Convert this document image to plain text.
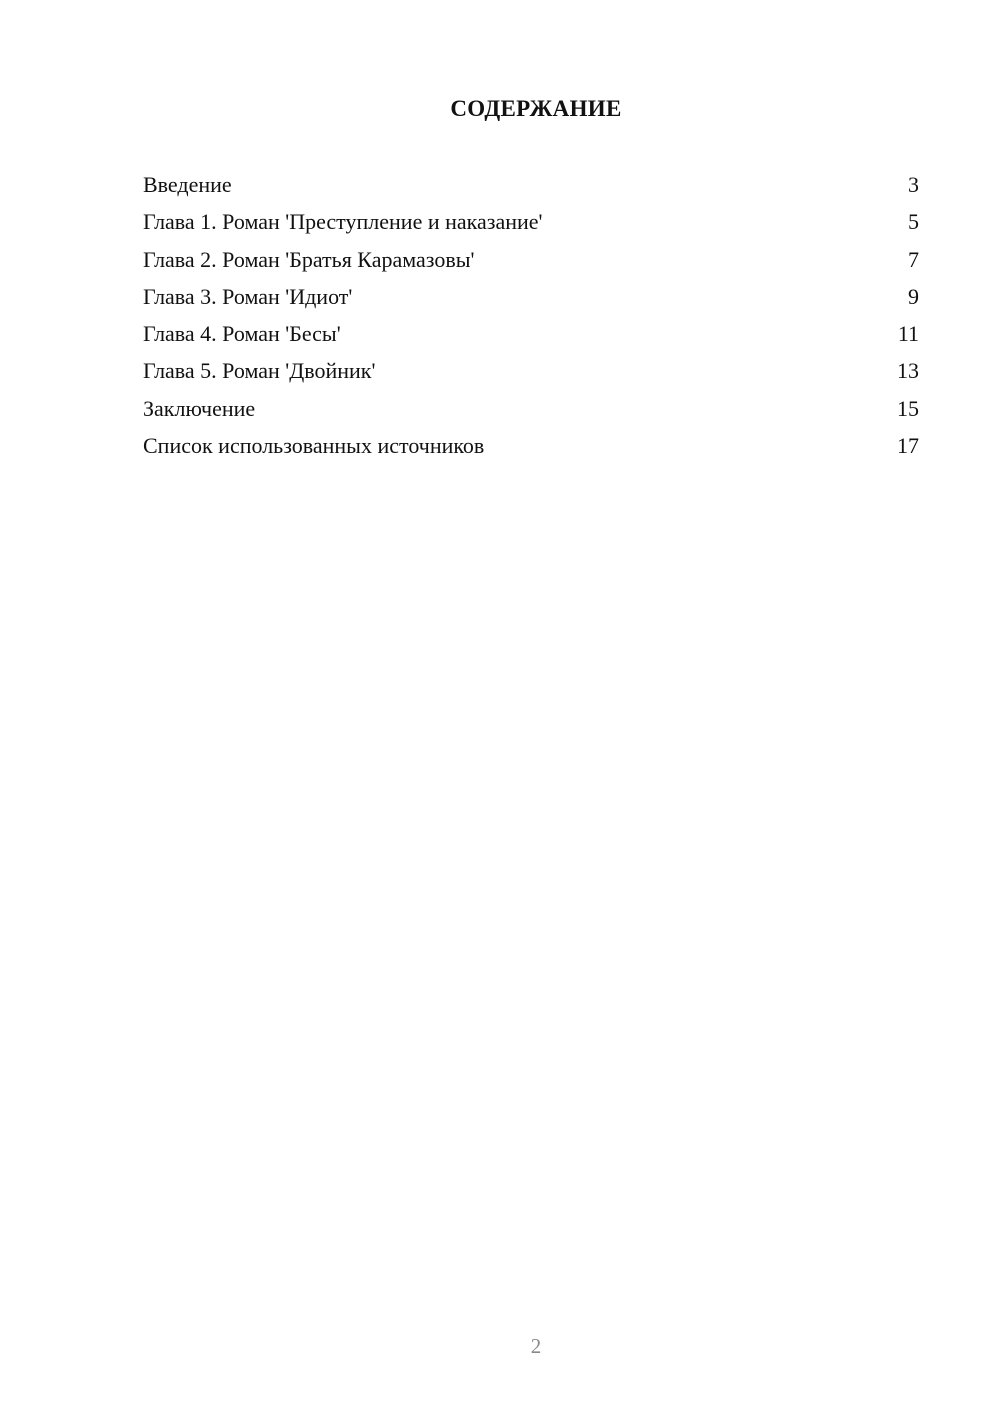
СОДЕРЖАНИЕ
Введение	3
Глава 1. Роман 'Преступление и наказание'	5
Глава 2. Роман 'Братья Карамазовы'	7
Глава 3. Роман 'Идиот'	9
Глава 4. Роман 'Бесы'	11
Глава 5. Роман 'Двойник'	13
Заключение	15
Список использованных источников	17
2
